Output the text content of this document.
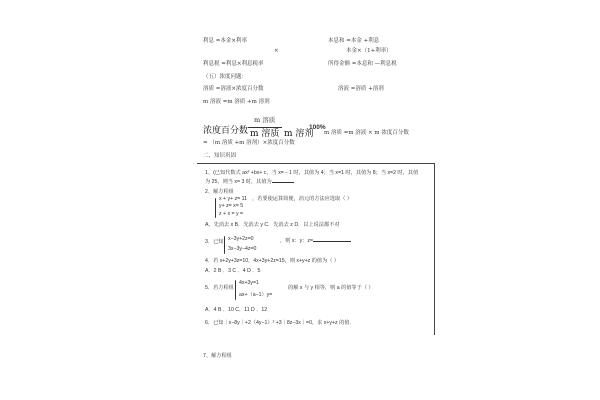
利息 =本金×利率	本息和 =本金 +利息
×	本金×（1+利率）
利息税 =利息×利息税率	所得金额 =本息和 —利息税
（五）浓度问题：
溶质 =溶液×浓度百分数	溶液 =溶质 +溶剂
m 溶液 =m 溶质 +m 溶剂
浓度百分数
m 溶质
m 溶质 m 溶剂
100%
m 溶质 =m 溶液 × m 浓度百分数
= （m 溶质 +m 溶剂）×浓度百分数
二、知识巩固
1、(已知代数式 ax² +bx+ c，当 x=－1 时，其值为 4；当 x=1 时，其值为 8；当 x=2 时，其值
为 25，则当 x= 3 时，其值为
2、解方程组
x + y+ z= 11 ，若要使运算简便，消元的方法应选取（ ）
y+ z= x= 5
z + x = y =
A、先消去 x B．先消去 y C．先消去 z D．以上说法都不对
3．已知 x−3y+2z=0	，则 x：y：z=
3x−3y−4z=0
4．若 x+2y+3z=10，4x+3y+2z=15，则 x+y+z 的值为（ ）
A．2 B ．3 C ．4 D ．5
5．若方程组
4x+3y=1
的解 x 与 y 相等，则 a 的值等于（ ）
ax+（a−1）y=
A．4 B ．10 C．11 D ．12
6．已知｜x−8y｜+2（4y−1）² +3｜8z−3x｜=0，求 x+y+z 的值．
7、解方程组
